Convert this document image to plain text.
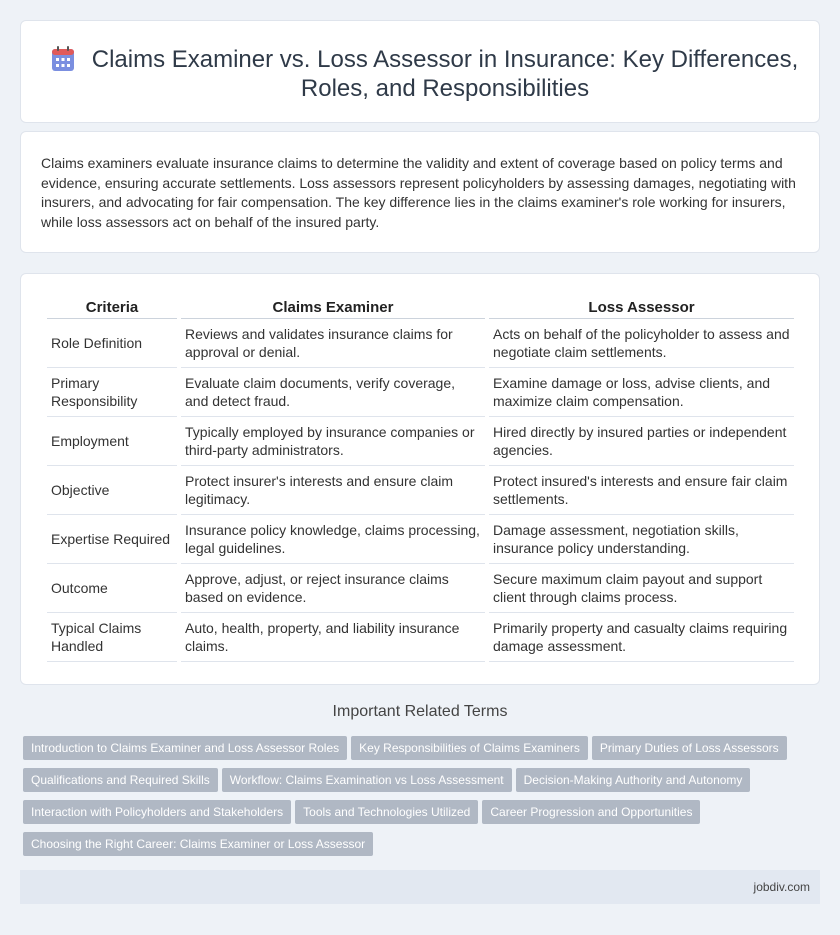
Claims Examiner vs. Loss Assessor in Insurance: Key Differences, Roles, and Responsibilities

Claims examiners evaluate insurance claims to determine the validity and extent of coverage based on policy terms and evidence, ensuring accurate settlements. Loss assessors represent policyholders by assessing damages, negotiating with insurers, and advocating for fair compensation. The key difference lies in the claims examiner's role working for insurers, while loss assessors act on behalf of the insured party.

Criteria	Claims Examiner	Loss Assessor
Role Definition	Reviews and validates insurance claims for approval or denial.	Acts on behalf of the policyholder to assess and negotiate claim settlements.
Primary Responsibility	Evaluate claim documents, verify coverage, and detect fraud.	Examine damage or loss, advise clients, and maximize claim compensation.
Employment	Typically employed by insurance companies or third-party administrators.	Hired directly by insured parties or independent agencies.
Objective	Protect insurer's interests and ensure claim legitimacy.	Protect insured's interests and ensure fair claim settlements.
Expertise Required	Insurance policy knowledge, claims processing, legal guidelines.	Damage assessment, negotiation skills, insurance policy understanding.
Outcome	Approve, adjust, or reject insurance claims based on evidence.	Secure maximum claim payout and support client through claims process.
Typical Claims Handled	Auto, health, property, and liability insurance claims.	Primarily property and casualty claims requiring damage assessment.
Important Related Terms
Introduction to Claims Examiner and Loss Assessor Roles Key Responsibilities of Claims Examiners Primary Duties of Loss AssessorsQualifications and Required Skills Workflow: Claims Examination vs Loss Assessment Decision-Making Authority and AutonomyInteraction with Policyholders and Stakeholders Tools and Technologies Utilized Career Progression and OpportunitiesChoosing the Right Career: Claims Examiner or Loss Assessor
jobdiv.com
